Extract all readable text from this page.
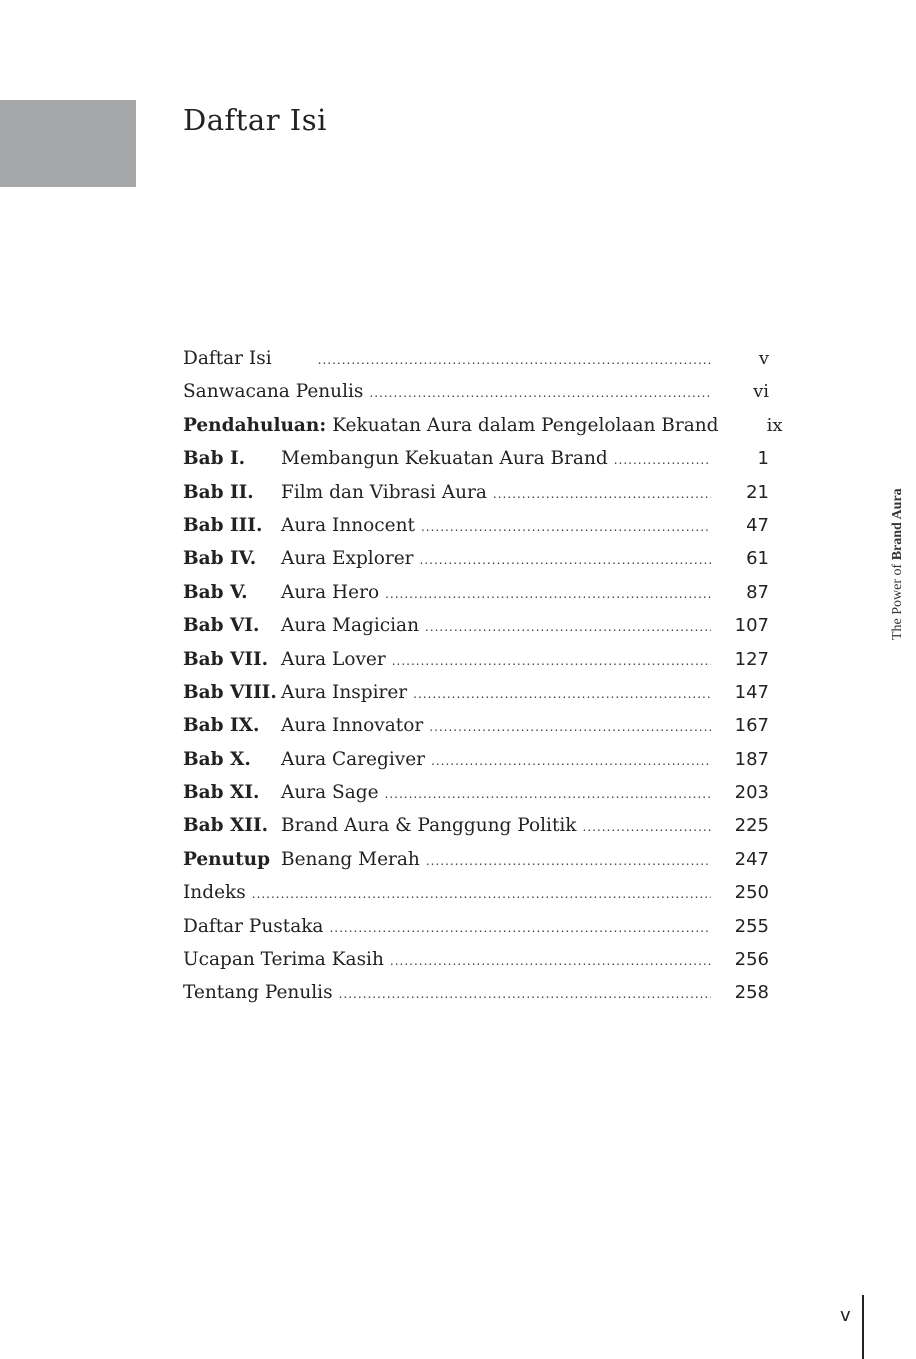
Daftar Isi
Daftar Isi .....	v
Sanwacana Penulis .....	vi
Pendahuluan: Kekuatan Aura dalam Pengelolaan Brand	ix
Bab I.	Membangun Kekuatan Aura Brand .....	1
Bab II.	Film dan Vibrasi Aura .....	21
Bab III.	Aura Innocent .....	47
Bab IV.	Aura Explorer .....	61
Bab V.	Aura Hero .....	87
Bab VI.	Aura Magician .....	107
Bab VII. Aura Lover .....	127
Bab VIII. Aura Inspirer .....	147
Bab IX.	Aura Innovator .....	167
Bab X.	Aura Caregiver .....	187
Bab XI.	Aura Sage .....	203
Bab XII. Brand Aura & Panggung Politik .....	225
Penutup Benang Merah .....	247
Indeks .....	250
Daftar Pustaka .....	255
Ucapan Terima Kasih .....	256
Tentang Penulis .....	258
The Power of Brand Aura
v
